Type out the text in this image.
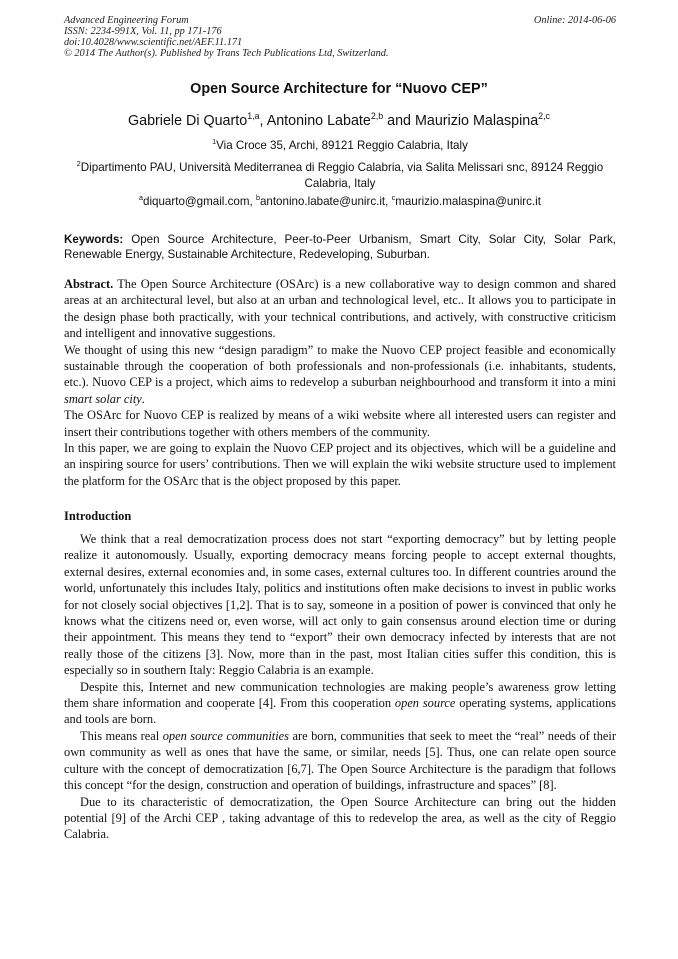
Advanced Engineering Forum
ISSN: 2234-991X, Vol. 11, pp 171-176
doi:10.4028/www.scientific.net/AEF.11.171
© 2014 The Author(s). Published by Trans Tech Publications Ltd, Switzerland.
Online: 2014-06-06
Open Source Architecture for “Nuovo CEP”
Gabriele Di Quarto$^{1,a}$, Antonino Labate$^{2,b}$ and Maurizio Malaspina$^{2,c}$
$^1$Via Croce 35, Archi, 89121 Reggio Calabria, Italy
$^2$Dipartimento PAU, Università Mediterranea di Reggio Calabria, via Salita Melissari snc, 89124 Reggio Calabria, Italy
$^a$diquarto@gmail.com, $^b$antonino.labate@unirc.it, $^c$maurizio.malaspina@unirc.it
Keywords: Open Source Architecture, Peer-to-Peer Urbanism, Smart City, Solar City, Solar Park, Renewable Energy, Sustainable Architecture, Redeveloping, Suburban.

Abstract. The Open Source Architecture (OSArc) is a new collaborative way to design common and shared areas at an architectural level, but also at an urban and technological level, etc.. It allows you to participate in the design phase both practically, with your technical contributions, and actively, with constructive criticism and intelligent and innovative suggestions.

We thought of using this new “design paradigm” to make the Nuovo CEP project feasible and economically sustainable through the cooperation of both professionals and non-professionals (i.e. inhabitants, students, etc.). Nuovo CEP is a project, which aims to redevelop a suburban neighbourhood and transform it into a mini smart solar city.

The OSArc for Nuovo CEP is realized by means of a wiki website where all interested users can register and insert their contributions together with others members of the community.

In this paper, we are going to explain the Nuovo CEP project and its objectives, which will be a guideline and an inspiring source for users’ contributions. Then we will explain the wiki website structure used to implement the platform for the OSArc that is the object proposed by this paper.

Introduction

We think that a real democratization process does not start “exporting democracy” but by letting people realize it autonomously. Usually, exporting democracy means forcing people to accept external thoughts, external desires, external economies and, in some cases, external cultures too. In different countries around the world, unfortunately this includes Italy, politics and institutions often make decisions to invest in public works for not closely social objectives [1,2]. That is to say, someone in a position of power is convinced that only he knows what the citizens need or, even worse, will act only to gain consensus around election time or during their appointment. This means they tend to “export” their own democracy infected by interests that are not really those of the citizens [3]. Now, more than in the past, most Italian cities suffer this condition, this is especially so in southern Italy: Reggio Calabria is an example.

Despite this, Internet and new communication technologies are making people’s awareness grow letting them share information and cooperate [4]. From this cooperation open source operating systems, applications and tools are born.

This means real open source communities are born, communities that seek to meet the “real” needs of their own community as well as ones that have the same, or similar, needs [5]. Thus, one can relate open source culture with the concept of democratization [6,7]. The Open Source Architecture is the paradigm that follows this concept “for the design, construction and operation of buildings, infrastructure and spaces” [8].

Due to its characteristic of democratization, the Open Source Architecture can bring out the hidden potential [9] of the Archi CEP , taking advantage of this to redevelop the area, as well as the city of Reggio Calabria.
